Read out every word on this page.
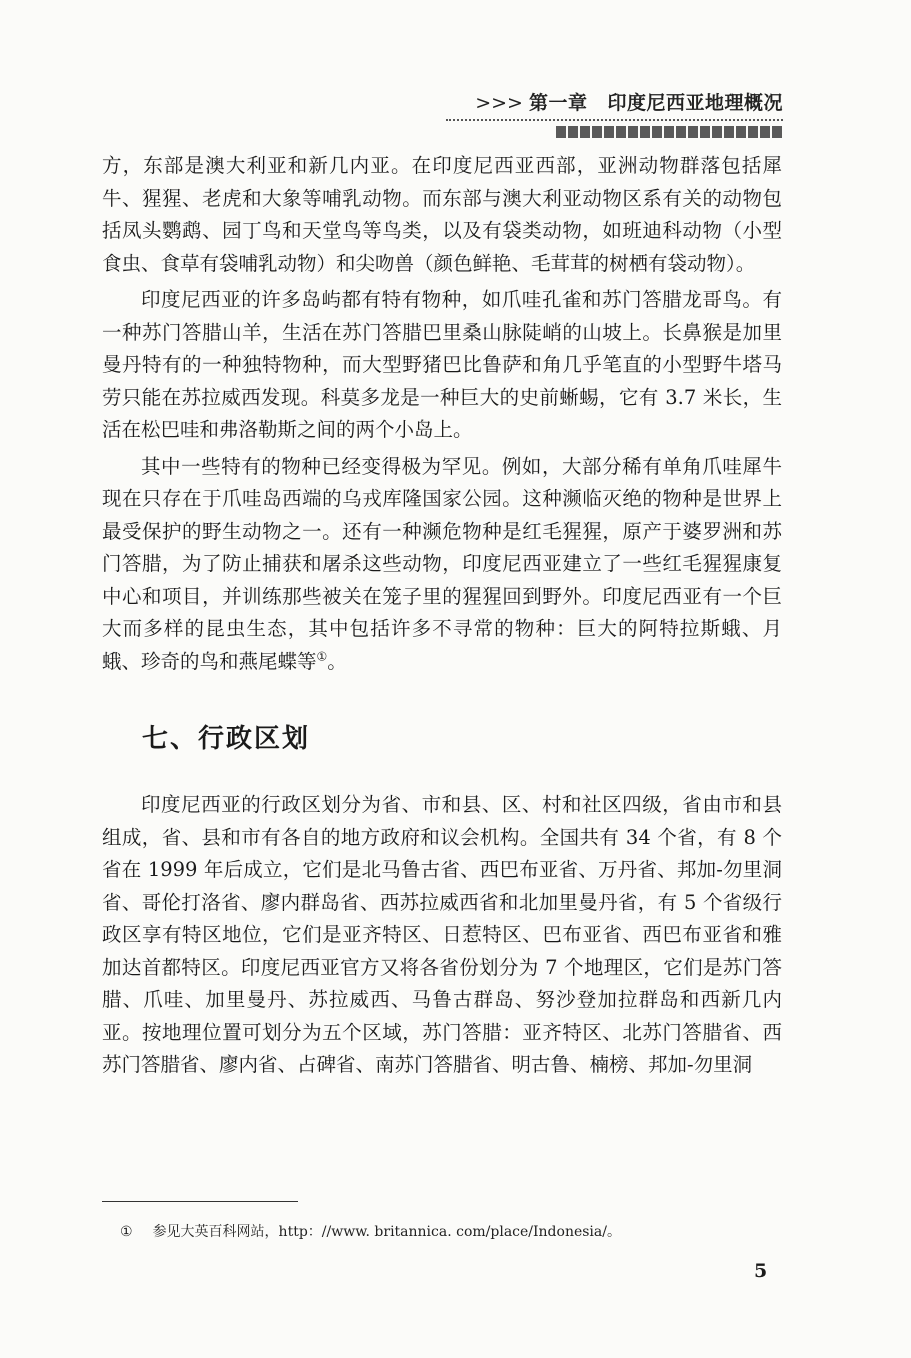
>>> 第一章 印度尼西亚地理概况

方，东部是澳大利亚和新几内亚。在印度尼西亚西部，亚洲动物群落包括犀牛、猩猩、老虎和大象等哺乳动物。而东部与澳大利亚动物区系有关的动物包括凤头鹦鹉、园丁鸟和天堂鸟等鸟类，以及有袋类动物，如班迪科动物（小型食虫、食草有袋哺乳动物）和尖吻兽（颜色鲜艳、毛茸茸的树栖有袋动物）。

印度尼西亚的许多岛屿都有特有物种，如爪哇孔雀和苏门答腊龙哥鸟。有一种苏门答腊山羊，生活在苏门答腊巴里桑山脉陡峭的山坡上。长鼻猴是加里曼丹特有的一种独特物种，而大型野猪巴比鲁萨和角几乎笔直的小型野牛塔马劳只能在苏拉威西发现。科莫多龙是一种巨大的史前蜥蜴，它有 3.7 米长，生活在松巴哇和弗洛勒斯之间的两个小岛上。

其中一些特有的物种已经变得极为罕见。例如，大部分稀有单角爪哇犀牛现在只存在于爪哇岛西端的乌戎库隆国家公园。这种濒临灭绝的物种是世界上最受保护的野生动物之一。还有一种濒危物种是红毛猩猩，原产于婆罗洲和苏门答腊，为了防止捕获和屠杀这些动物，印度尼西亚建立了一些红毛猩猩康复中心和项目，并训练那些被关在笼子里的猩猩回到野外。印度尼西亚有一个巨大而多样的昆虫生态，其中包括许多不寻常的物种：巨大的阿特拉斯蛾、月蛾、珍奇的鸟和燕尾蝶等①。

七、行政区划

印度尼西亚的行政区划分为省、市和县、区、村和社区四级，省由市和县组成，省、县和市有各自的地方政府和议会机构。全国共有 34 个省，有 8 个省在 1999 年后成立，它们是北马鲁古省、西巴布亚省、万丹省、邦加-勿里洞省、哥伦打洛省、廖内群岛省、西苏拉威西省和北加里曼丹省，有 5 个省级行政区享有特区地位，它们是亚齐特区、日惹特区、巴布亚省、西巴布亚省和雅加达首都特区。印度尼西亚官方又将各省份划分为 7 个地理区，它们是苏门答腊、爪哇、加里曼丹、苏拉威西、马鲁古群岛、努沙登加拉群岛和西新几内亚。按地理位置可划分为五个区域，苏门答腊：亚齐特区、北苏门答腊省、西苏门答腊省、廖内省、占碑省、南苏门答腊省、明古鲁、楠榜、邦加-勿里洞

① 参见大英百科网站，http：//www. britannica. com/place/Indonesia/。
5
